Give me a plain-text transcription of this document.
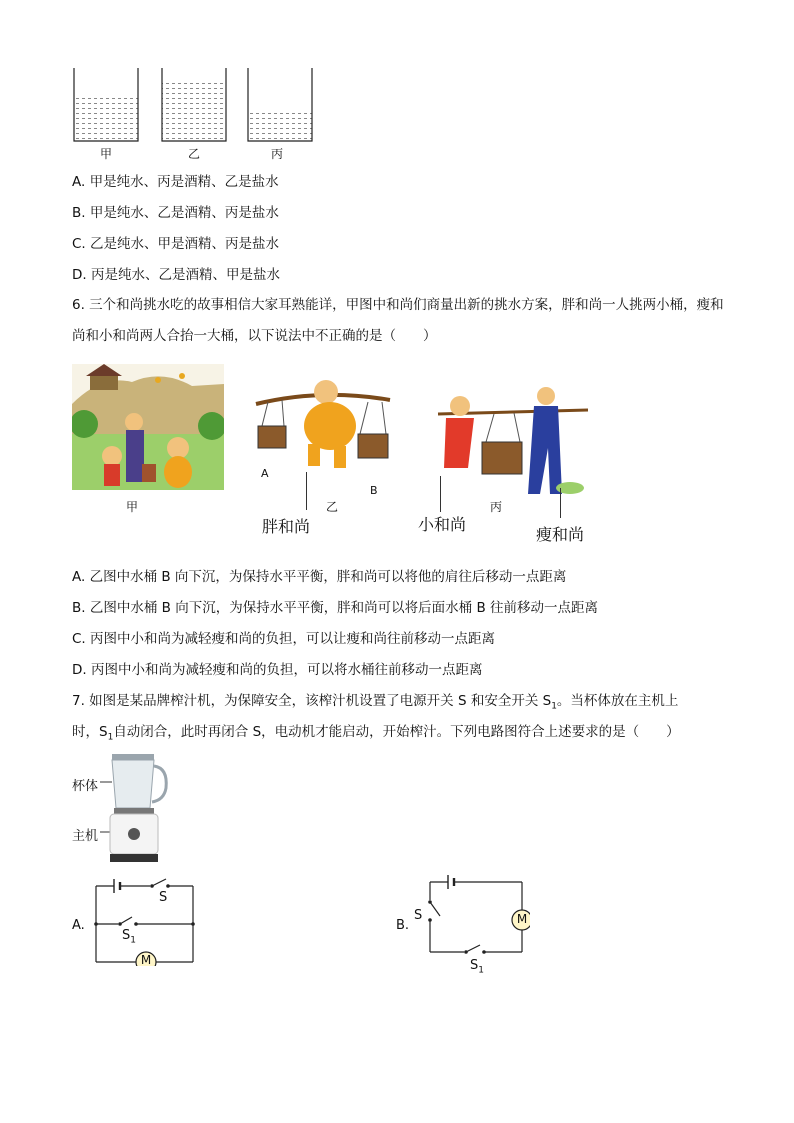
甲	乙	丙
A. 甲是纯水、丙是酒精、乙是盐水
B. 甲是纯水、乙是酒精、丙是盐水
C. 乙是纯水、甲是酒精、丙是盐水
D. 丙是纯水、乙是酒精、甲是盐水
6. 三个和尚挑水吃的故事相信大家耳熟能详，甲图中和尚们商量出新的挑水方案，胖和尚一人挑两小桶，瘦和尚和小和尚两人合抬一大桶，以下说法中不正确的是（　　）
甲
A
B
乙
胖和尚
丙
小和尚
瘦和尚
A. 乙图中水桶 B 向下沉，为保持水平平衡，胖和尚可以将他的肩往后移动一点距离
B. 乙图中水桶 B 向下沉，为保持水平平衡，胖和尚可以将后面水桶 B 往前移动一点距离
C. 丙图中小和尚为减轻瘦和尚的负担，可以让瘦和尚往前移动一点距离
D. 丙图中小和尚为减轻瘦和尚的负担，可以将水桶往前移动一点距离
7. 如图是某品牌榨汁机，为保障安全，该榨汁机设置了电源开关 S 和安全开关 $S_1$。当杯体放在主机上
时，$S_1$自动闭合，此时再闭合 S，电动机才能启动，开始榨汁。下列电路图符合上述要求的是（　　）
杯体
主机
A.
S
$S_1$
M
B.
S
$S_1$
M
